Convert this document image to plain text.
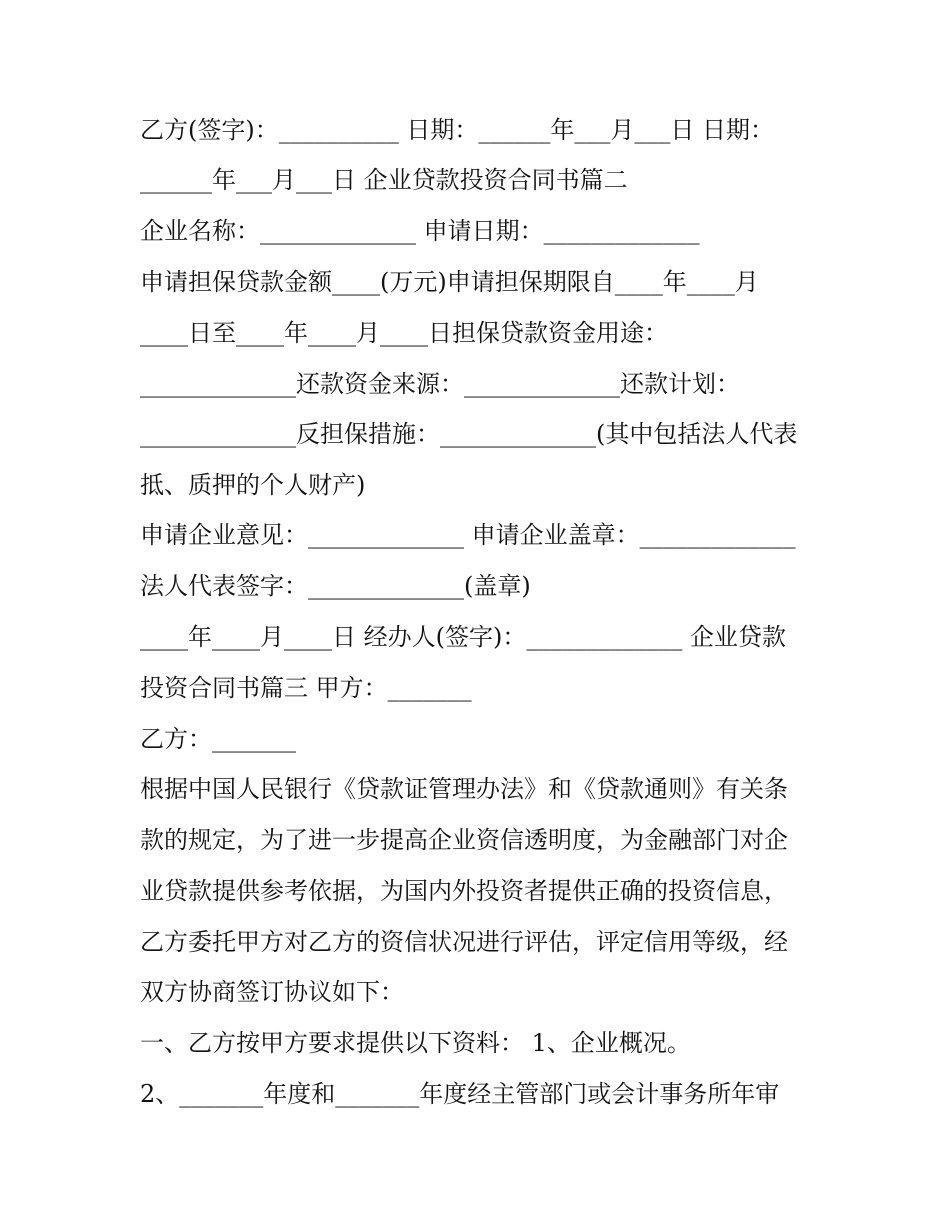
乙方(签字)：__________ 日期：______年___月___日 日期：

______年___月___日 企业贷款投资合同书篇二

企业名称：_____________ 申请日期：_____________

申请担保贷款金额____(万元)申请担保期限自____年____月

____日至____年____月____日担保贷款资金用途：

_____________还款资金来源：_____________还款计划：

_____________反担保措施：_____________(其中包括法人代表

抵、质押的个人财产)

申请企业意见：_____________ 申请企业盖章：_____________

法人代表签字：_____________(盖章)

____年____月____日 经办人(签字)：_____________ 企业贷款

投资合同书篇三 甲方：_______

乙方：_______

根据中国人民银行《贷款证管理办法》和《贷款通则》有关条

款的规定，为了进一步提高企业资信透明度，为金融部门对企

业贷款提供参考依据，为国内外投资者提供正确的投资信息，

乙方委托甲方对乙方的资信状况进行评估，评定信用等级，经

双方协商签订协议如下：

一、乙方按甲方要求提供以下资料： 1、企业概况。

2、_______年度和_______年度经主管部门或会计事务所年审
